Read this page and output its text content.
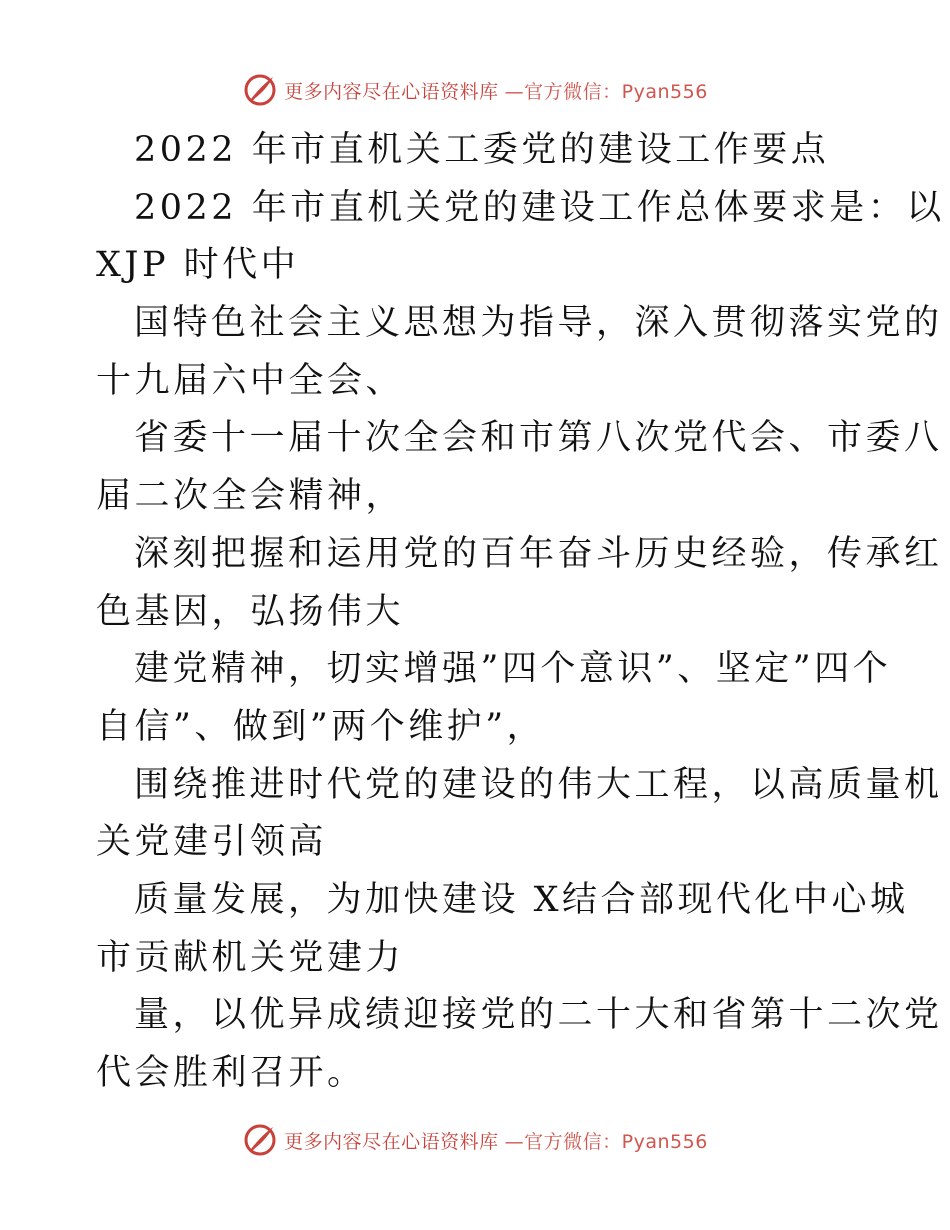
更多内容尽在心语资料库 —官方微信：Pyan556
2022 年市直机关工委党的建设工作要点
2022 年市直机关党的建设工作总体要求是：以
XJP 时代中
国特色社会主义思想为指导，深入贯彻落实党的
十九届六中全会、
省委十一届十次全会和市第八次党代会、市委八
届二次全会精神，
深刻把握和运用党的百年奋斗历史经验，传承红
色基因，弘扬伟大
建党精神，切实增强”四个意识”、坚定”四个
自信”、做到”两个维护”，
围绕推进时代党的建设的伟大工程，以高质量机
关党建引领高
质量发展，为加快建设 X结合部现代化中心城
市贡献机关党建力
量，以优异成绩迎接党的二十大和省第十二次党
代会胜利召开。
更多内容尽在心语资料库 —官方微信：Pyan556
